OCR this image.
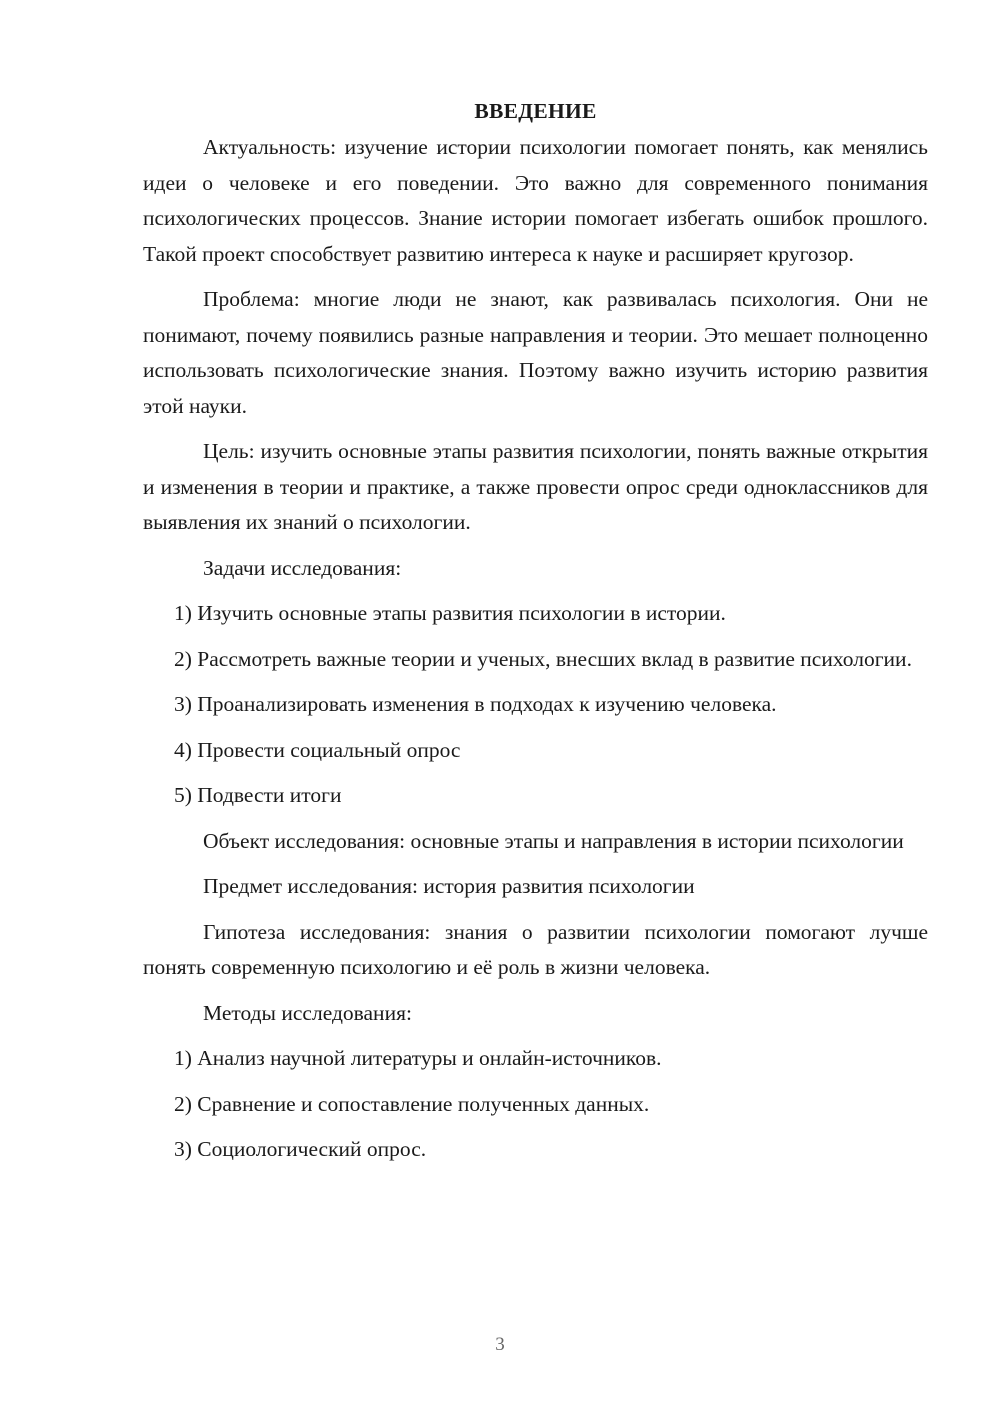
ВВЕДЕНИЕ

Актуальность: изучение истории психологии помогает понять, как менялись идеи о человеке и его поведении. Это важно для современного понимания психологических процессов. Знание истории помогает избегать ошибок прошлого. Такой проект способствует развитию интереса к науке и расширяет кругозор.

Проблема: многие люди не знают, как развивалась психология. Они не понимают, почему появились разные направления и теории. Это мешает полноценно использовать психологические знания. Поэтому важно изучить историю развития этой науки.

Цель: изучить основные этапы развития психологии, понять важные открытия и изменения в теории и практике, а также провести опрос среди одноклассников для выявления их знаний о психологии.

Задачи исследования:

1) Изучить основные этапы развития психологии в истории.

2) Рассмотреть важные теории и ученых, внесших вклад в развитие психологии.

3) Проанализировать изменения в подходах к изучению человека.

4) Провести социальный опрос

5) Подвести итоги

Объект исследования: основные этапы и направления в истории психологии

Предмет исследования: история развития психологии

Гипотеза исследования: знания о развитии психологии помогают лучше понять современную психологию и её роль в жизни человека.

Методы исследования:

1) Анализ научной литературы и онлайн-источников.

2) Сравнение и сопоставление полученных данных.

3) Социологический опрос.

3
